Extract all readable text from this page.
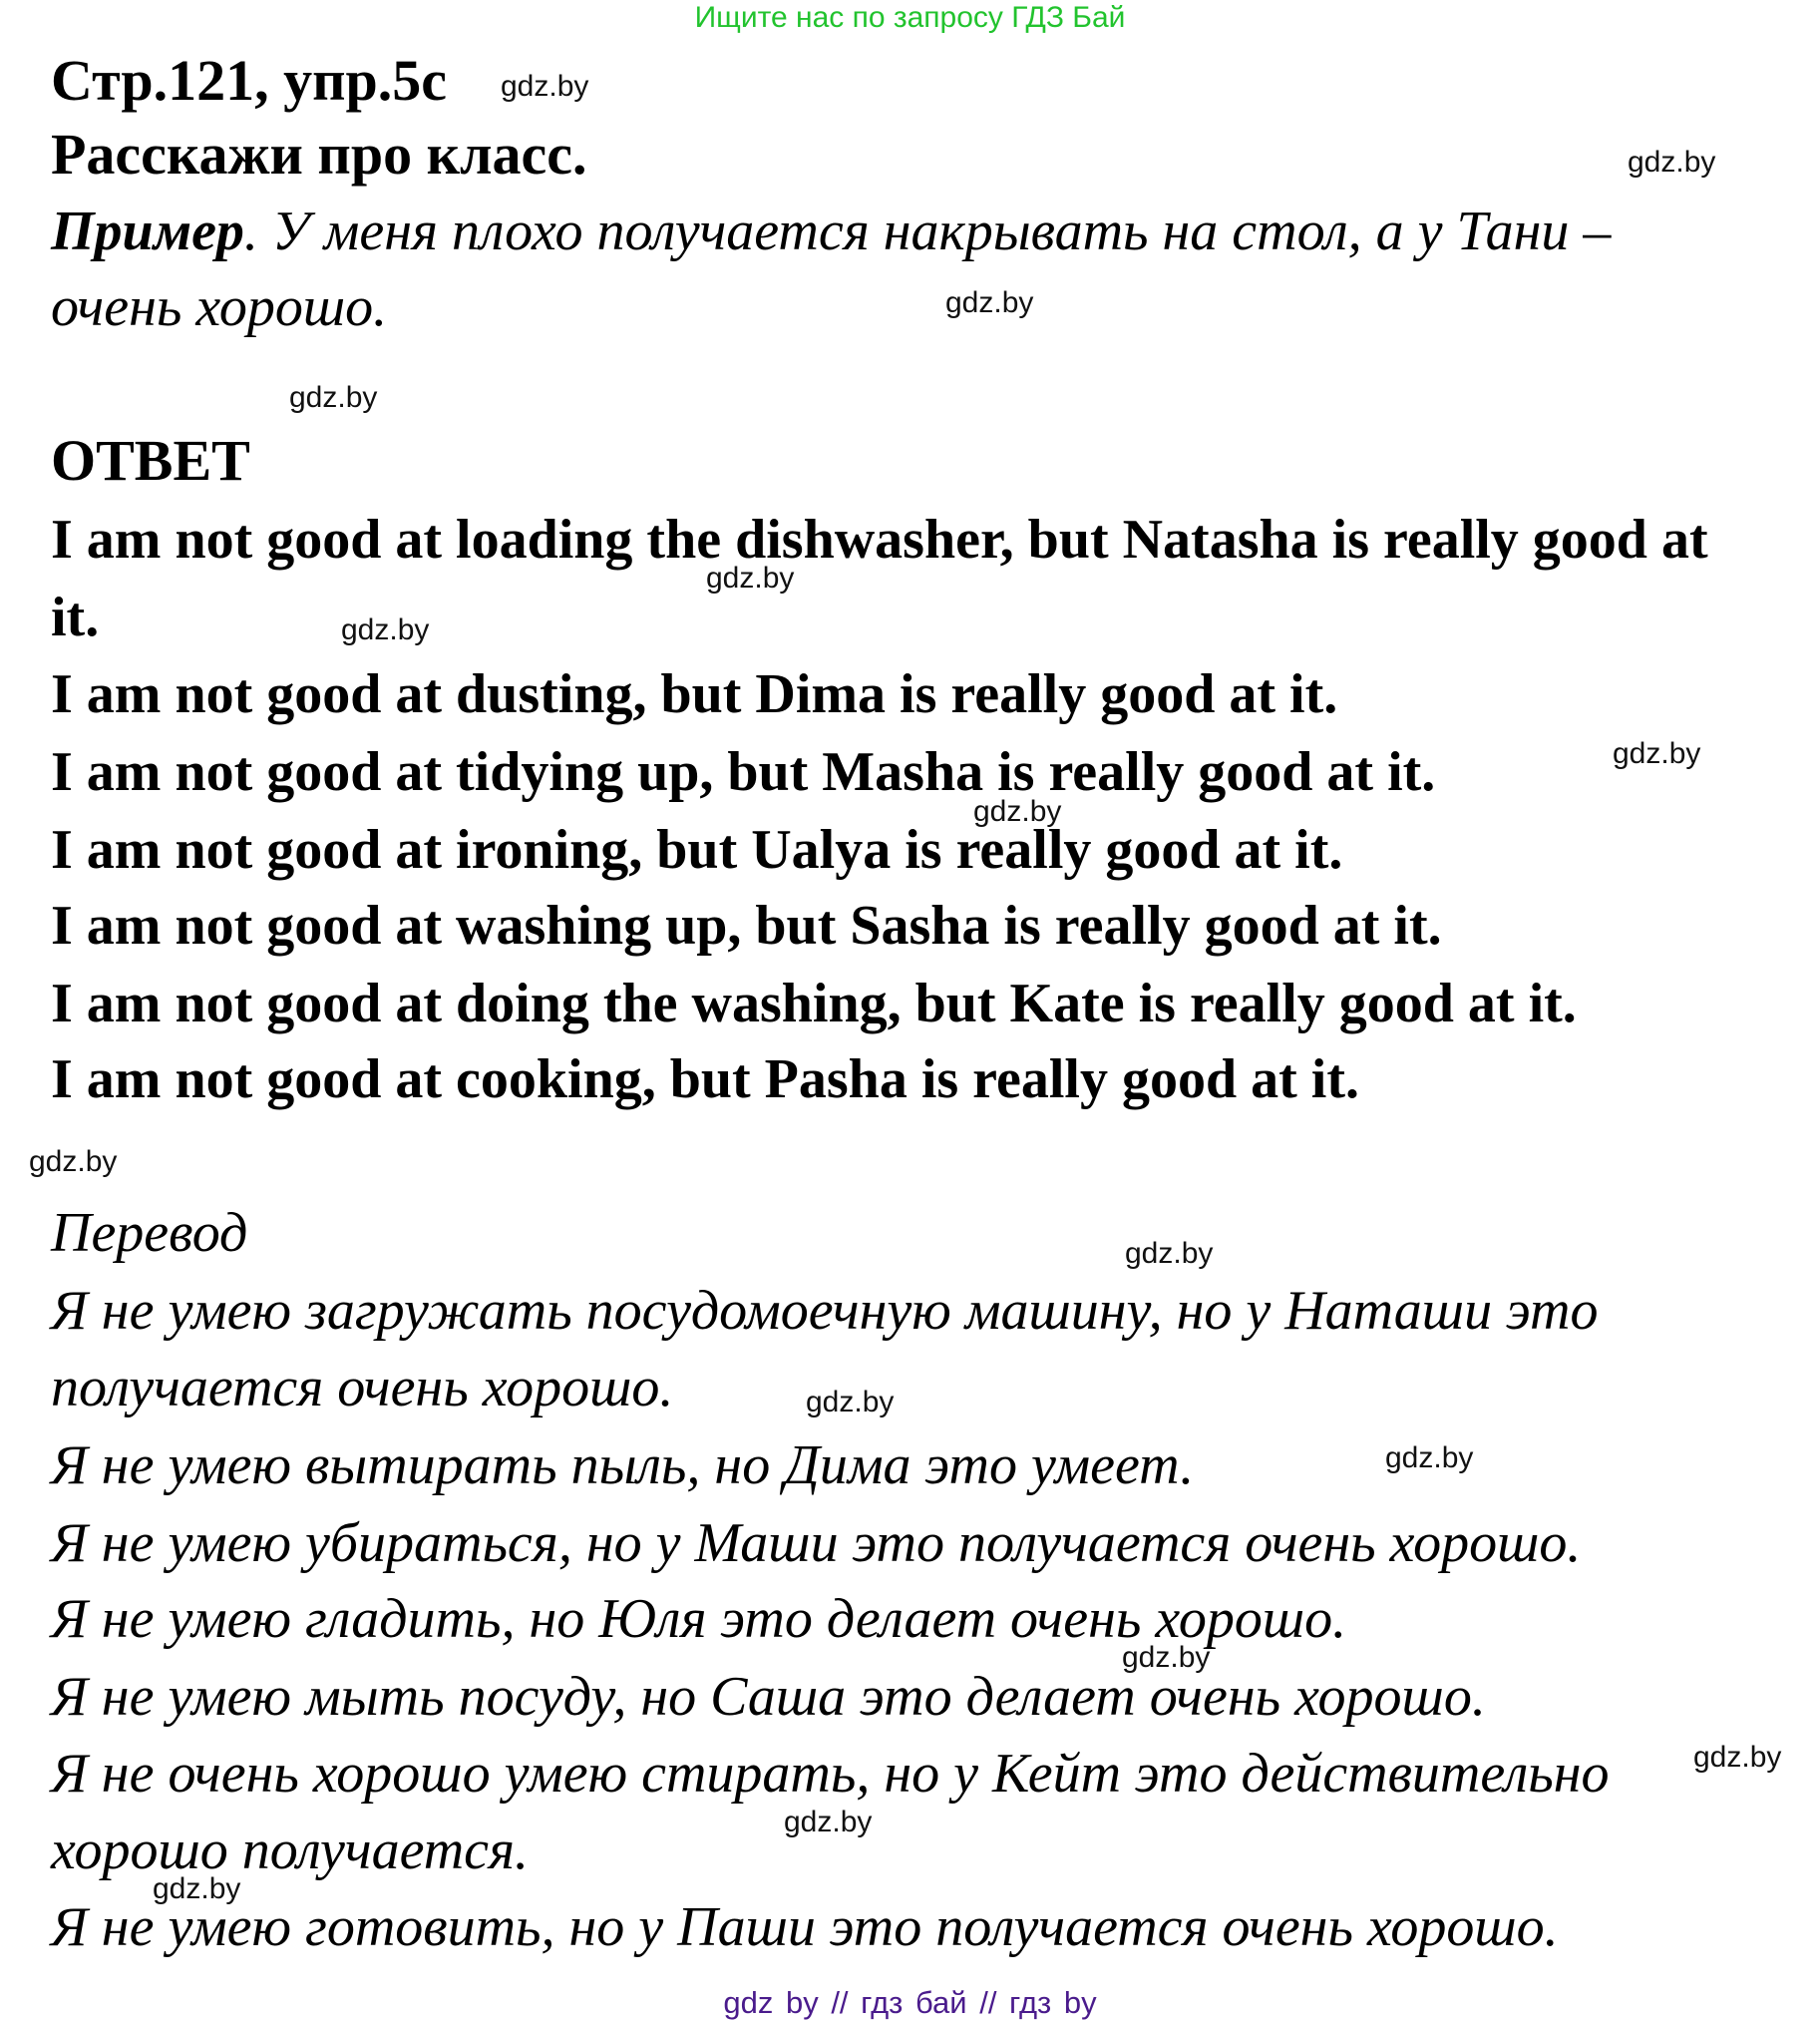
Ищите нас по запросу ГДЗ Бай
Стр.121, упр.5с
Расскажи про класс.
Пример. У меня плохо получается накрывать на стол, а у Тани –
очень хорошо.
ОТВЕТ
I am not good at loading the dishwasher, but Natasha is really good at
it.
I am not good at dusting, but Dima is really good at it.
I am not good at tidying up, but Masha is really good at it.
I am not good at ironing, but Ualya is really good at it.
I am not good at washing up, but Sasha is really good at it.
I am not good at doing the washing, but Kate is really good at it.
I am not good at cooking, but Pasha is really good at it.
Перевод
Я не умею загружать посудомоечную машину, но у Наташи это
получается очень хорошо.
Я не умею вытирать пыль, но Дима это умеет.
Я не умею убираться, но у Маши это получается очень хорошо.
Я не умею гладить, но Юля это делает очень хорошо.
Я не умею мыть посуду, но Саша это делает очень хорошо.
Я не очень хорошо умею стирать, но у Кейт это действительно
хорошо получается.
Я не умею готовить, но у Паши это получается очень хорошо.
gdz.by
gdz.by
gdz.by
gdz.by
gdz.by
gdz.by
gdz.by
gdz.by
gdz.by
gdz.by
gdz.by
gdz.by
gdz.by
gdz.by
gdz.by
gdz.by
gdz by // гдз бай // гдз by
